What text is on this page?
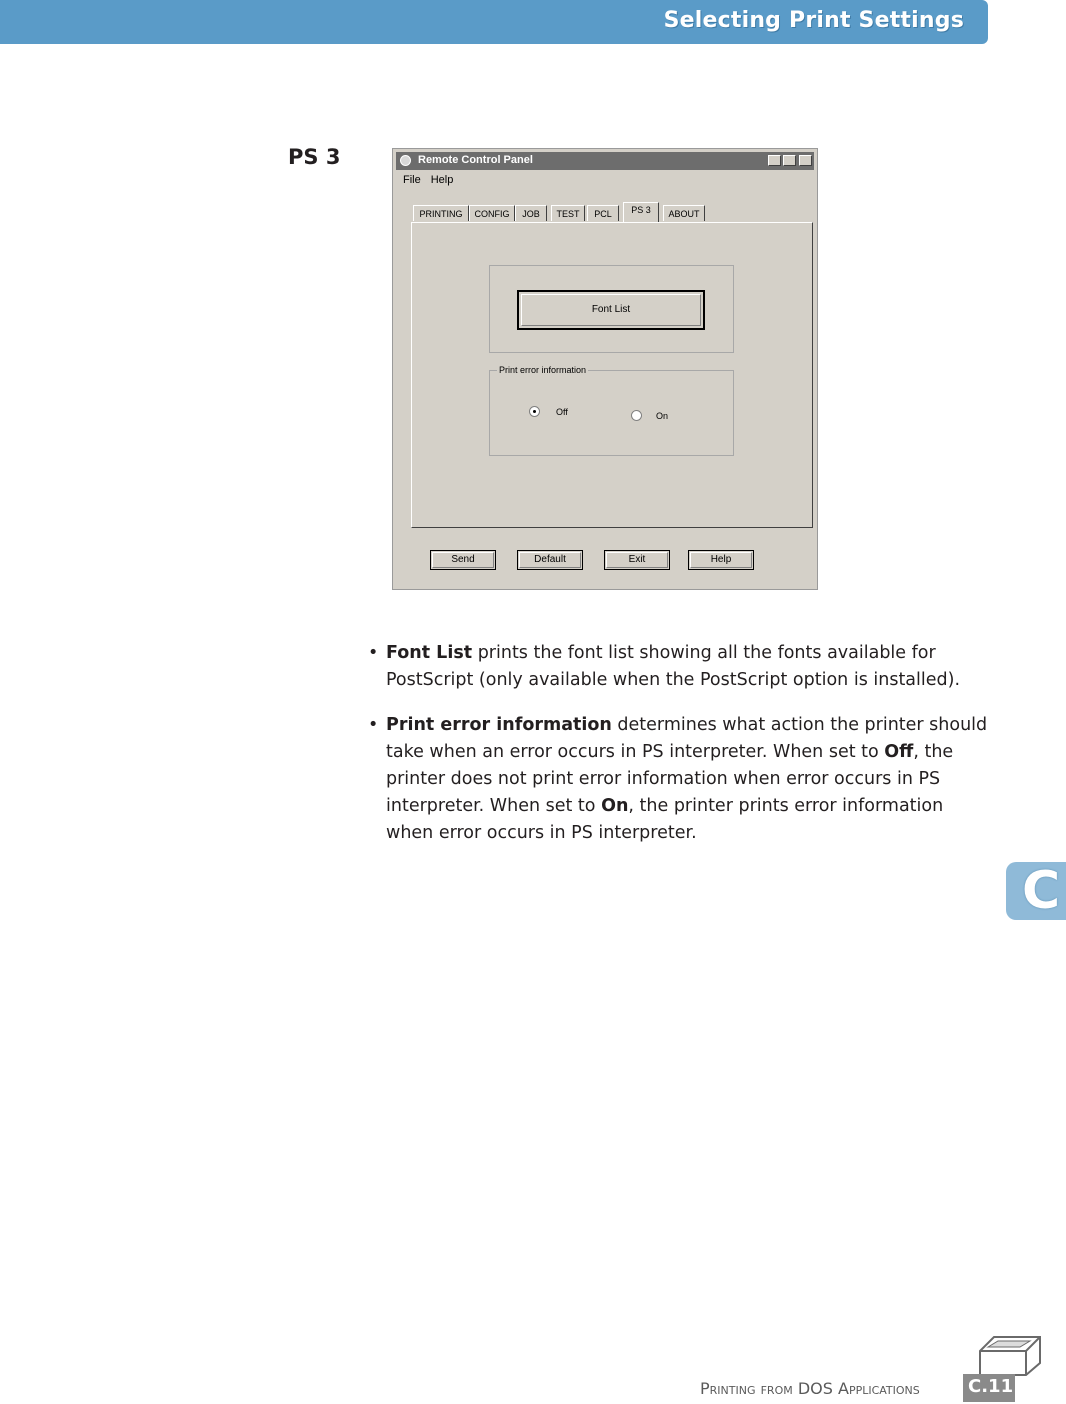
Selecting Print Settings
PS 3	Remote Control Panel
File Help
PRINTING	CONFIG	JOB	TEST	PCL	PS 3	ABOUT
Font List
Print error information
Off	On
Send	Default	Exit	Help
• Font List prints the font list showing all the fonts available for PostScript (only available when the PostScript option is installed).
• Print error information determines what action the printer should take when an error occurs in PS interpreter. When set to Off, the printer does not print error information when error occurs in PS interpreter. When set to On, the printer prints error information when error occurs in PS interpreter.
C
PRINTING FROM DOS APPLICATIONS	C.11
